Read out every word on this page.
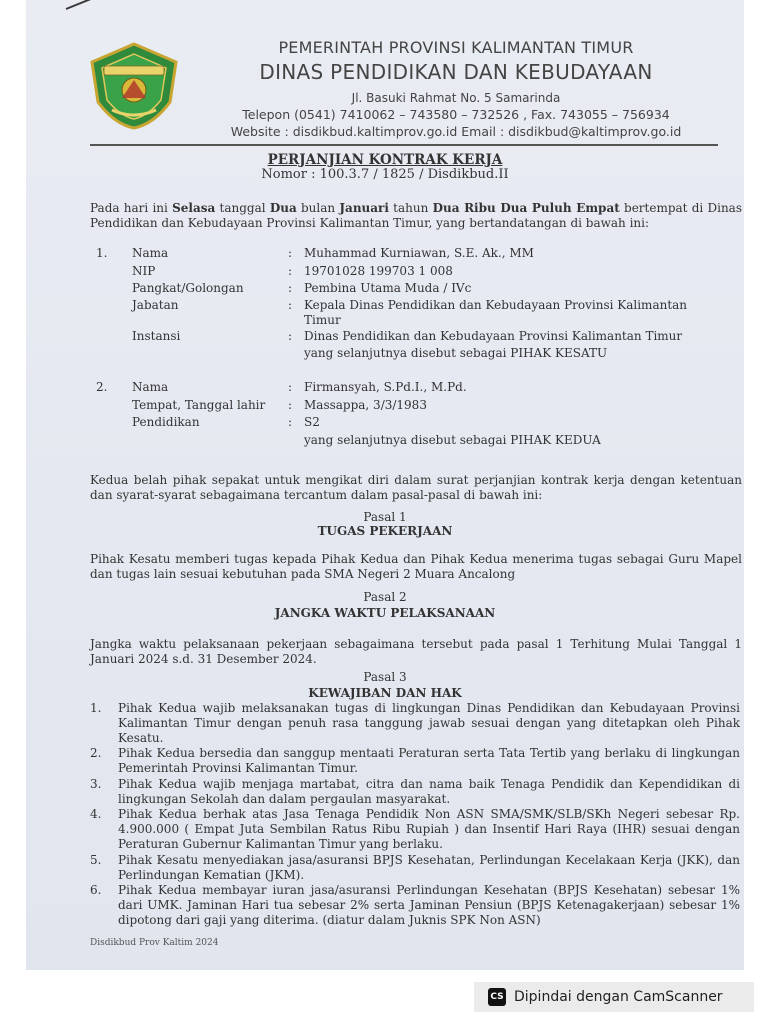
PEMERINTAH PROVINSI KALIMANTAN TIMUR
DINAS PENDIDIKAN DAN KEBUDAYAAN
Jl. Basuki Rahmat No. 5 Samarinda
Telepon (0541) 7410062 – 743580 – 732526 , Fax. 743055 – 756934
Website : disdikbud.kaltimprov.go.id Email : disdikbud@kaltimprov.go.id
PERJANJIAN KONTRAK KERJA
Nomor : 100.3.7 / 1825 / Disdikbud.II
Pada hari ini Selasa tanggal Dua bulan Januari tahun Dua Ribu Dua Puluh Empat bertempat di Dinas Pendidikan dan Kebudayaan Provinsi Kalimantan Timur, yang bertandatangan di bawah ini:
1. Nama	: Muhammad Kurniawan, S.E. Ak., MM
NIP	: 19701028 199703 1 008
Pangkat/Golongan	: Pembina Utama Muda / IVc
Jabatan	: Kepala Dinas Pendidikan dan Kebudayaan Provinsi Kalimantan Timur
Instansi	: Dinas Pendidikan dan Kebudayaan Provinsi Kalimantan Timur
yang selanjutnya disebut sebagai PIHAK KESATU
2. Nama	: Firmansyah, S.Pd.I., M.Pd.
Tempat, Tanggal lahir : Massappa, 3/3/1983
Pendidikan	: S2
yang selanjutnya disebut sebagai PIHAK KEDUA
Kedua belah pihak sepakat untuk mengikat diri dalam surat perjanjian kontrak kerja dengan ketentuan dan syarat-syarat sebagaimana tercantum dalam pasal-pasal di bawah ini:
Pasal 1
TUGAS PEKERJAAN
Pihak Kesatu memberi tugas kepada Pihak Kedua dan Pihak Kedua menerima tugas sebagai Guru Mapel dan tugas lain sesuai kebutuhan pada SMA Negeri 2 Muara Ancalong
Pasal 2
JANGKA WAKTU PELAKSANAAN
Jangka waktu pelaksanaan pekerjaan sebagaimana tersebut pada pasal 1 Terhitung Mulai Tanggal 1 Januari 2024 s.d. 31 Desember 2024.
Pasal 3
KEWAJIBAN DAN HAK
1.	Pihak Kedua wajib melaksanakan tugas di lingkungan Dinas Pendidikan dan Kebudayaan Provinsi Kalimantan Timur dengan penuh rasa tanggung jawab sesuai dengan yang ditetapkan oleh Pihak Kesatu.
2.	Pihak Kedua bersedia dan sanggup mentaati Peraturan serta Tata Tertib yang berlaku di lingkungan Pemerintah Provinsi Kalimantan Timur.
3.	Pihak Kedua wajib menjaga martabat, citra dan nama baik Tenaga Pendidik dan Kependidikan di lingkungan Sekolah dan dalam pergaulan masyarakat.
4.	Pihak Kedua berhak atas Jasa Tenaga Pendidik Non ASN SMA/SMK/SLB/SKh Negeri sebesar Rp. 4.900.000 ( Empat Juta Sembilan Ratus Ribu Rupiah ) dan Insentif Hari Raya (IHR) sesuai dengan Peraturan Gubernur Kalimantan Timur yang berlaku.
5.	Pihak Kesatu menyediakan jasa/asuransi BPJS Kesehatan, Perlindungan Kecelakaan Kerja (JKK), dan Perlindungan Kematian (JKM).
6.	Pihak Kedua membayar iuran jasa/asuransi Perlindungan Kesehatan (BPJS Kesehatan) sebesar 1% dari UMK. Jaminan Hari tua sebesar 2% serta Jaminan Pensiun (BPJS Ketenagakerjaan) sebesar 1% dipotong dari gaji yang diterima. (diatur dalam Juknis SPK Non ASN)
Disdikbud Prov Kaltim 2024
CS Dipindai dengan CamScanner
